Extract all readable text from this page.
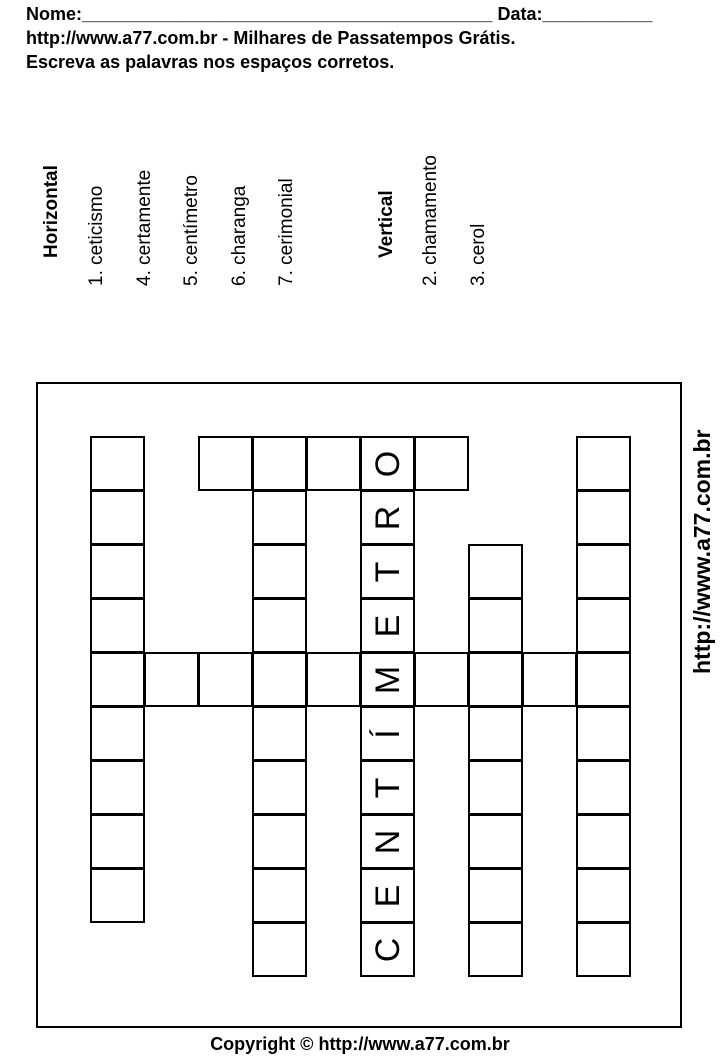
Nome:_________________________________________ Data:___________
http://www.a77.com.br - Milhares de Passatempos Grátis.
Escreva as palavras nos espaços corretos.
Horizontal 1. ceticismo 4. certamente 5. centímetro 6. charanga 7. cerimonial	Vertical 2. chamamento 3. cerol
O
R
T
E
M
Í
T
N
E
C
http://www.a77.com.br
Copyright © http://www.a77.com.br
